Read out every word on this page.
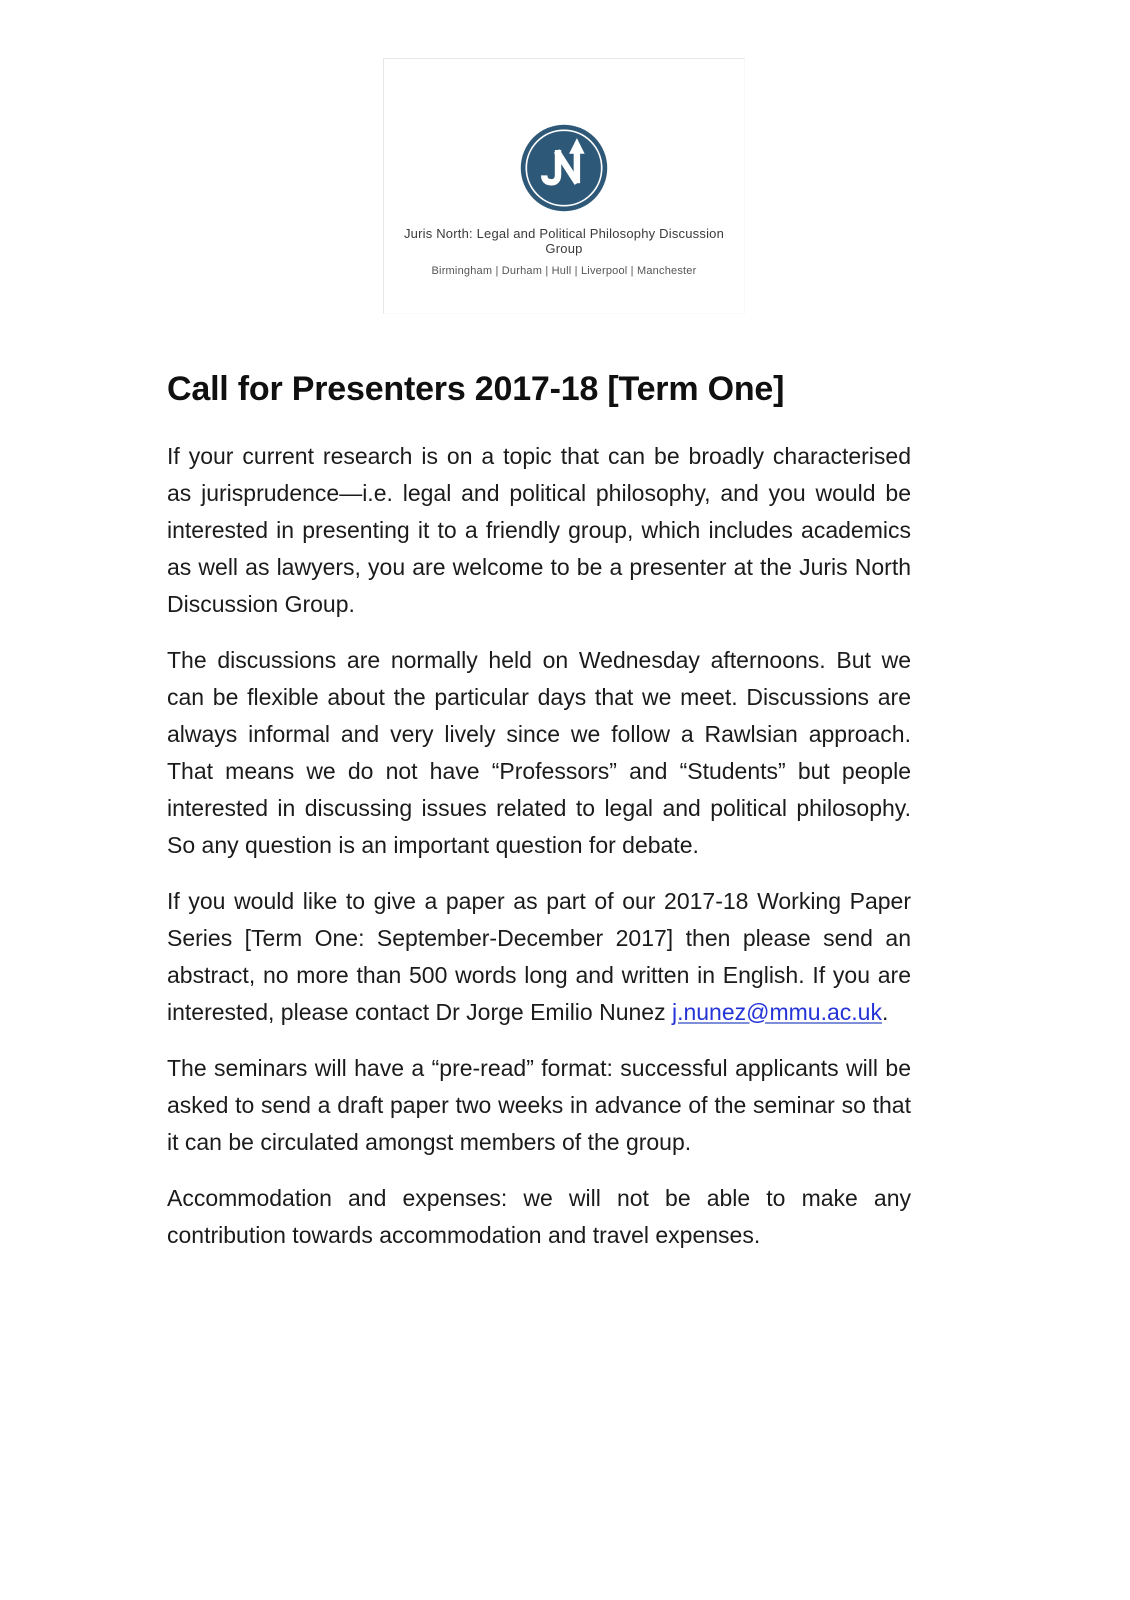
Juris North: Legal and Political Philosophy Discussion Group
Birmingham | Durham | Hull | Liverpool | Manchester
Call for Presenters 2017-18 [Term One]

If your current research is on a topic that can be broadly characterised as jurisprudence—i.e. legal and political philosophy, and you would be interested in presenting it to a friendly group, which includes academics as well as lawyers, you are welcome to be a presenter at the Juris North Discussion Group.

The discussions are normally held on Wednesday afternoons. But we can be flexible about the particular days that we meet. Discussions are always informal and very lively since we follow a Rawlsian approach. That means we do not have “Professors” and “Students” but people interested in discussing issues related to legal and political philosophy. So any question is an important question for debate.

If you would like to give a paper as part of our 2017-18 Working Paper Series [Term One: September-December 2017] then please send an abstract, no more than 500 words long and written in English. If you are interested, please contact Dr Jorge Emilio Nunez j.nunez@mmu.ac.uk.

The seminars will have a “pre-read” format: successful applicants will be asked to send a draft paper two weeks in advance of the seminar so that it can be circulated amongst members of the group.

Accommodation and expenses: we will not be able to make any contribution towards accommodation and travel expenses.
